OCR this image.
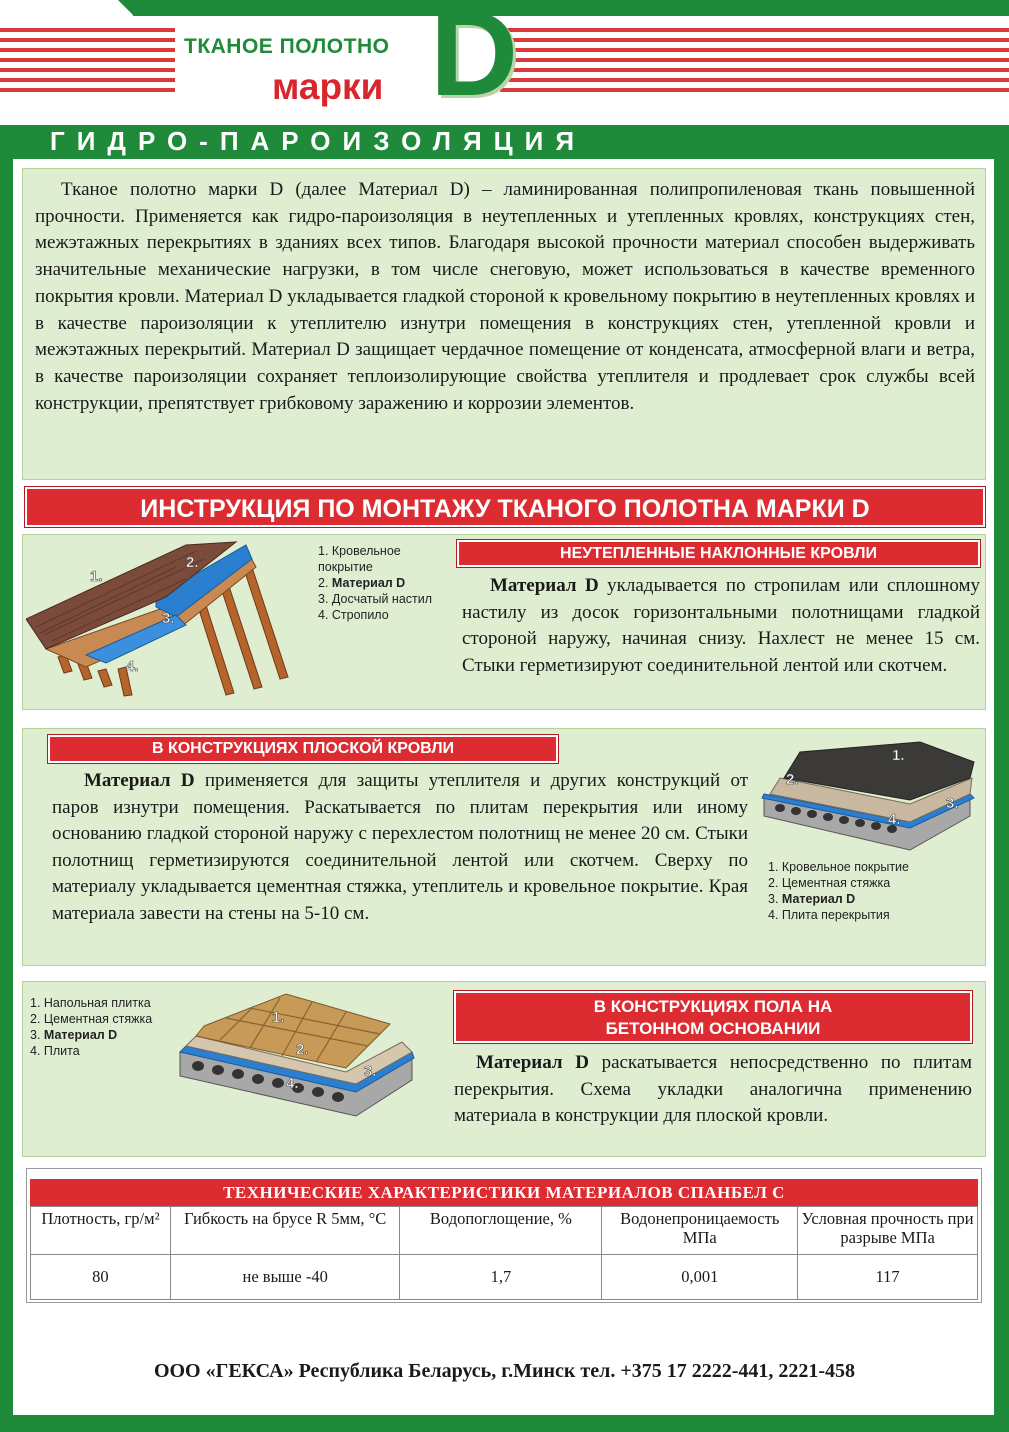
ТКАНОЕ ПОЛОТНО
марки D
ГИДРО-ПАРОИЗОЛЯЦИЯ

Тканое полотно марки D (далее Материал D) – ламинированная полипропиленовая ткань повышенной прочности. Применяется как гидро-пароизоляция в неутепленных и утепленных кровлях, конструкциях стен, межэтажных перекрытиях в зданиях всех типов. Благодаря высокой прочности материал способен выдерживать значительные механические нагрузки, в том числе снеговую, может использоваться в качестве временного покрытия кровли. Материал D укладывается гладкой стороной к кровельному покрытию в неутепленных кровлях и в качестве пароизоляции к утеплителю изнутри помещения в конструкциях стен, утепленной кровли и межэтажных перекрытий. Материал D защищает чердачное помещение от конденсата, атмосферной влаги и ветра, в качестве пароизоляции сохраняет теплоизолирующие свойства утеплителя и продлевает срок службы всей конструкции, препятствует грибковому заражению и коррозии элементов.

ИНСТРУКЦИЯ ПО МОНТАЖУ ТКАНОГО ПОЛОТНА МАРКИ D
1.
2.
3.
4.
1. Кровельное покрытие
2. Материал D
3. Досчатый настил
4. Стропило
НЕУТЕПЛЕННЫЕ НАКЛОННЫЕ КРОВЛИ
Материал D укладывается по стропилам или сплошному настилу из досок горизонтальными полотнищами гладкой стороной наружу, начиная снизу. Нахлест не менее 15 см. Стыки герметизируют соединительной лентой или скотчем.
В КОНСТРУКЦИЯХ ПЛОСКОЙ КРОВЛИ
Материал D применяется для защиты утеплителя и других конструкций от паров изнутри помещения. Раскатывается по плитам перекрытия или иному основанию гладкой стороной наружу с перехлестом полотнищ не менее 20 см. Стыки полотнищ герметизируются соединительной лентой или скотчем. Сверху по материалу укладывается цементная стяжка, утеплитель и кровельное покрытие. Края материала завести на стены на 5-10 см.
1.
2.
3.
4.
1. Кровельное покрытие
2. Цементная стяжка
3. Материал D
4. Плита перекрытия
1. Напольная плитка
2. Цементная стяжка
3. Материал D
4. Плита
1.
2.
3.
4.
В КОНСТРУКЦИЯХ ПОЛА НА
БЕТОННОМ ОСНОВАНИИ
Материал D раскатывается непосредственно по плитам перекрытия. Схема укладки аналогична применению материала в конструкции для плоской кровли.
ТЕХНИЧЕСКИЕ ХАРАКТЕРИСТИКИ МАТЕРИАЛОВ СПАНБЕЛ С
Плотность, гр/м²	Гибкость на брусе R 5мм, °С	Водопоглощение, %	Водонепроницаемость МПа	Условная прочность при разрыве МПа
80	не выше -40	1,7	0,001	117
ООО «ГЕКСА» Республика Беларусь, г.Минск тел. +375 17 2222-441, 2221-458
